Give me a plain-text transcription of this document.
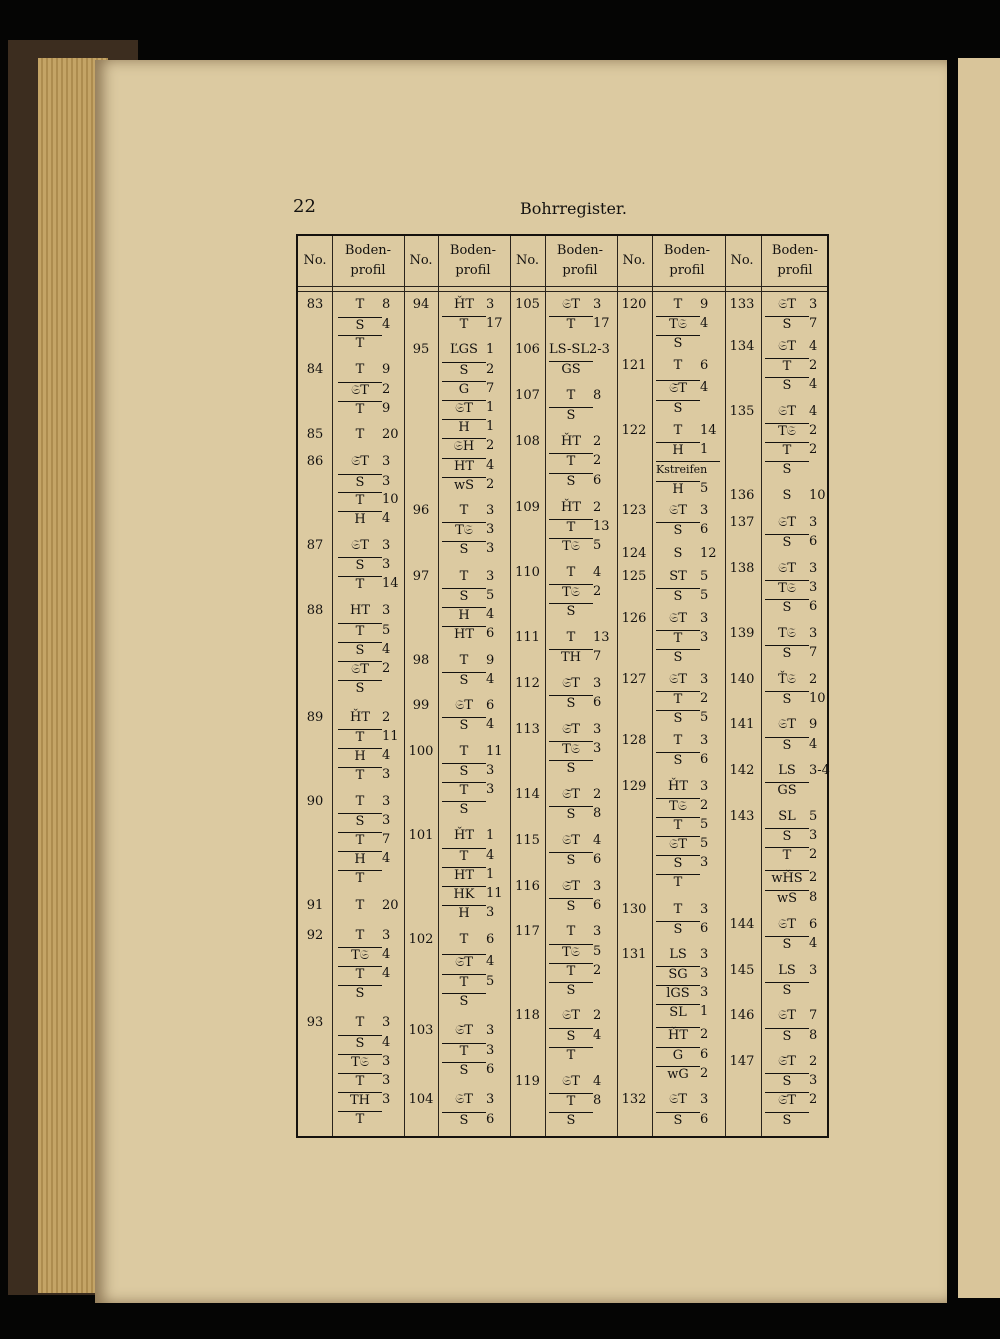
22	Bohrregister.
No.
Boden-
profil
83	T	8
S	4
T
84	T	9
𝔖T	2
T	9
85	T	20
86	𝔖̄T	3
S	3
T	10
H	4
87	𝔖T	3
S	3
T	14
88	HT 3
T	5
S	4
𝔖T	2
S
89	ȞT 2
T	11
H	4
T	3
90	T	3
S	3
T	7
H	4
T
91	T	20
92	T	3
T𝔖	4
T	4
S
93	T	3
S	4
T𝔖	3
T	3
TH 3
T
No.
Boden-
profil
94	ȞT 3
T	17
95	ĽGS 1
S	2
G	7
𝔖T	1
H	1
𝔖H 2
HT 4
wS 2
96	T	3
T𝔖	3
S	3
97	T	3
S	5
H	4
HT 6
98	T	9
S	4
99	𝔖T	6
S	4
100	T	11
S	3
T	3
S
101	ȞT 1
T	4
HT 1
HK 11
H	3
102	T	6
𝔖̄T	4
T	5
S
103	𝔖̄T	3
T	3
S	6
104	𝔖T	3
S	6
No.
Boden-
profil
105	𝔖T	3
T	17
106 LS-SL 2-3
GS
107	T	8
S
108	ȞT 2
T	2
S	6
109	ȞT 2
T	13
T𝔖	5
110	T	4
T𝔖	2
S
111	T	13
TH 7
112	𝔖̄T	3
S	6
113	𝔖̄T	3
T𝔖	3
S
114	𝔖̄T	2
S	8
115	𝔖T	4
S	6
116	𝔖̄T	3
S	6
117	T	3
T𝔖	5
T	2
S
118	𝔖T	2
S	4
T
119	𝔖T	4
T	8
S
No.
Boden-
profil
120	T	9
T𝔖	4
S
121	T	6
𝔖̄T	4
S
122	T	14
H	1
Kstreifen
H	5
123	𝔖T	3
S	6
124	S	12
125	ST	5
S	5
126	𝔖T	3
T	3
S
127	𝔖T	3
T	2
S	5
128	T	3
S	6
129	ȞT 3
T𝔖	2
T	5
𝔖T	5
S	3
T
130	T	3
S	6
131	LS	3
SG 3
lGS 3
SL	1
ȞT 2
G	6
wG 2
132	𝔖T	3
S	6
No.
Boden-
profil
133	𝔖T	3
S	7
134	𝔖T	4
T	2
S	4
135	𝔖T	4
T𝔖	2
T	2
S
136	S	10
137	𝔖T	3
S	6
138	𝔖T	3
T𝔖	3
S	6
139	T𝔖	3
S	7
140	Ť𝔖	2
S	10
141	𝔖T	9
S	4
142	LS	3-4
GS
143	SL	5
S	3
T	2
wȞS 2
wS 8
144	𝔖T	6
S	4
145	LS	3
S
146	𝔖T	7
S	8
147	𝔖̄T	2
S	3
𝔖̄T	2
S
